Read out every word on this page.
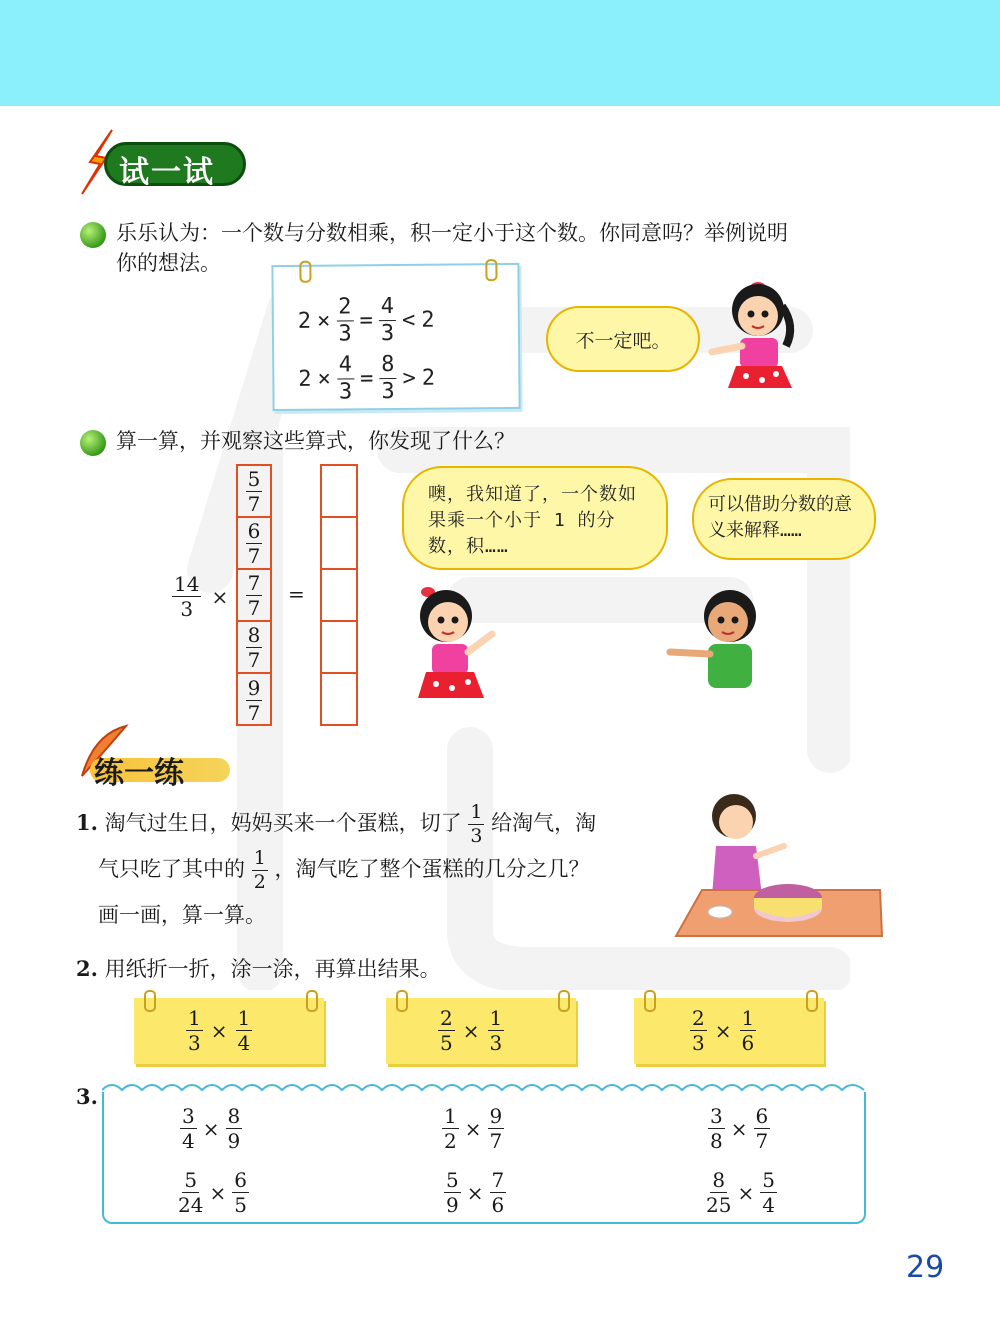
试一试
乐乐认为：一个数与分数相乘，积一定小于这个数。你同意吗？举例说明
你的想法。
$2 \times \frac{2}{3} = \frac{4}{3} < 2$
$2 \times \frac{4}{3} = \frac{8}{3} > 2$
不一定吧。
算一算，并观察这些算式，你发现了什么？
$\frac{14}{3}$ ×
$\frac{5}{7}$
$\frac{6}{7}$
$\frac{7}{7}$
$\frac{8}{7}$
$\frac{9}{7}$
=
噢，我知道了，一个数如果乘一个小于 1 的分数，积……
可以借助分数的意义来解释……
练一练
1. 淘气过生日，妈妈买来一个蛋糕，切了 $\frac{1}{3}$ 给淘气，淘
气只吃了其中的 $\frac{1}{2}$ ，淘气吃了整个蛋糕的几分之几？
画一画，算一算。
2. 用纸折一折，涂一涂，再算出结果。
$\frac{1}{3} \times \frac{1}{4}$	$\frac{2}{5} \times \frac{1}{3}$	$\frac{2}{3} \times \frac{1}{6}$
3.
$\frac{3}{4} \times \frac{8}{9}$	$\frac{1}{2} \times \frac{9}{7}$	$\frac{3}{8} \times \frac{6}{7}$
$\frac{5}{24} \times \frac{6}{5}$	$\frac{5}{9} \times \frac{7}{6}$	$\frac{8}{25} \times \frac{5}{4}$
29
